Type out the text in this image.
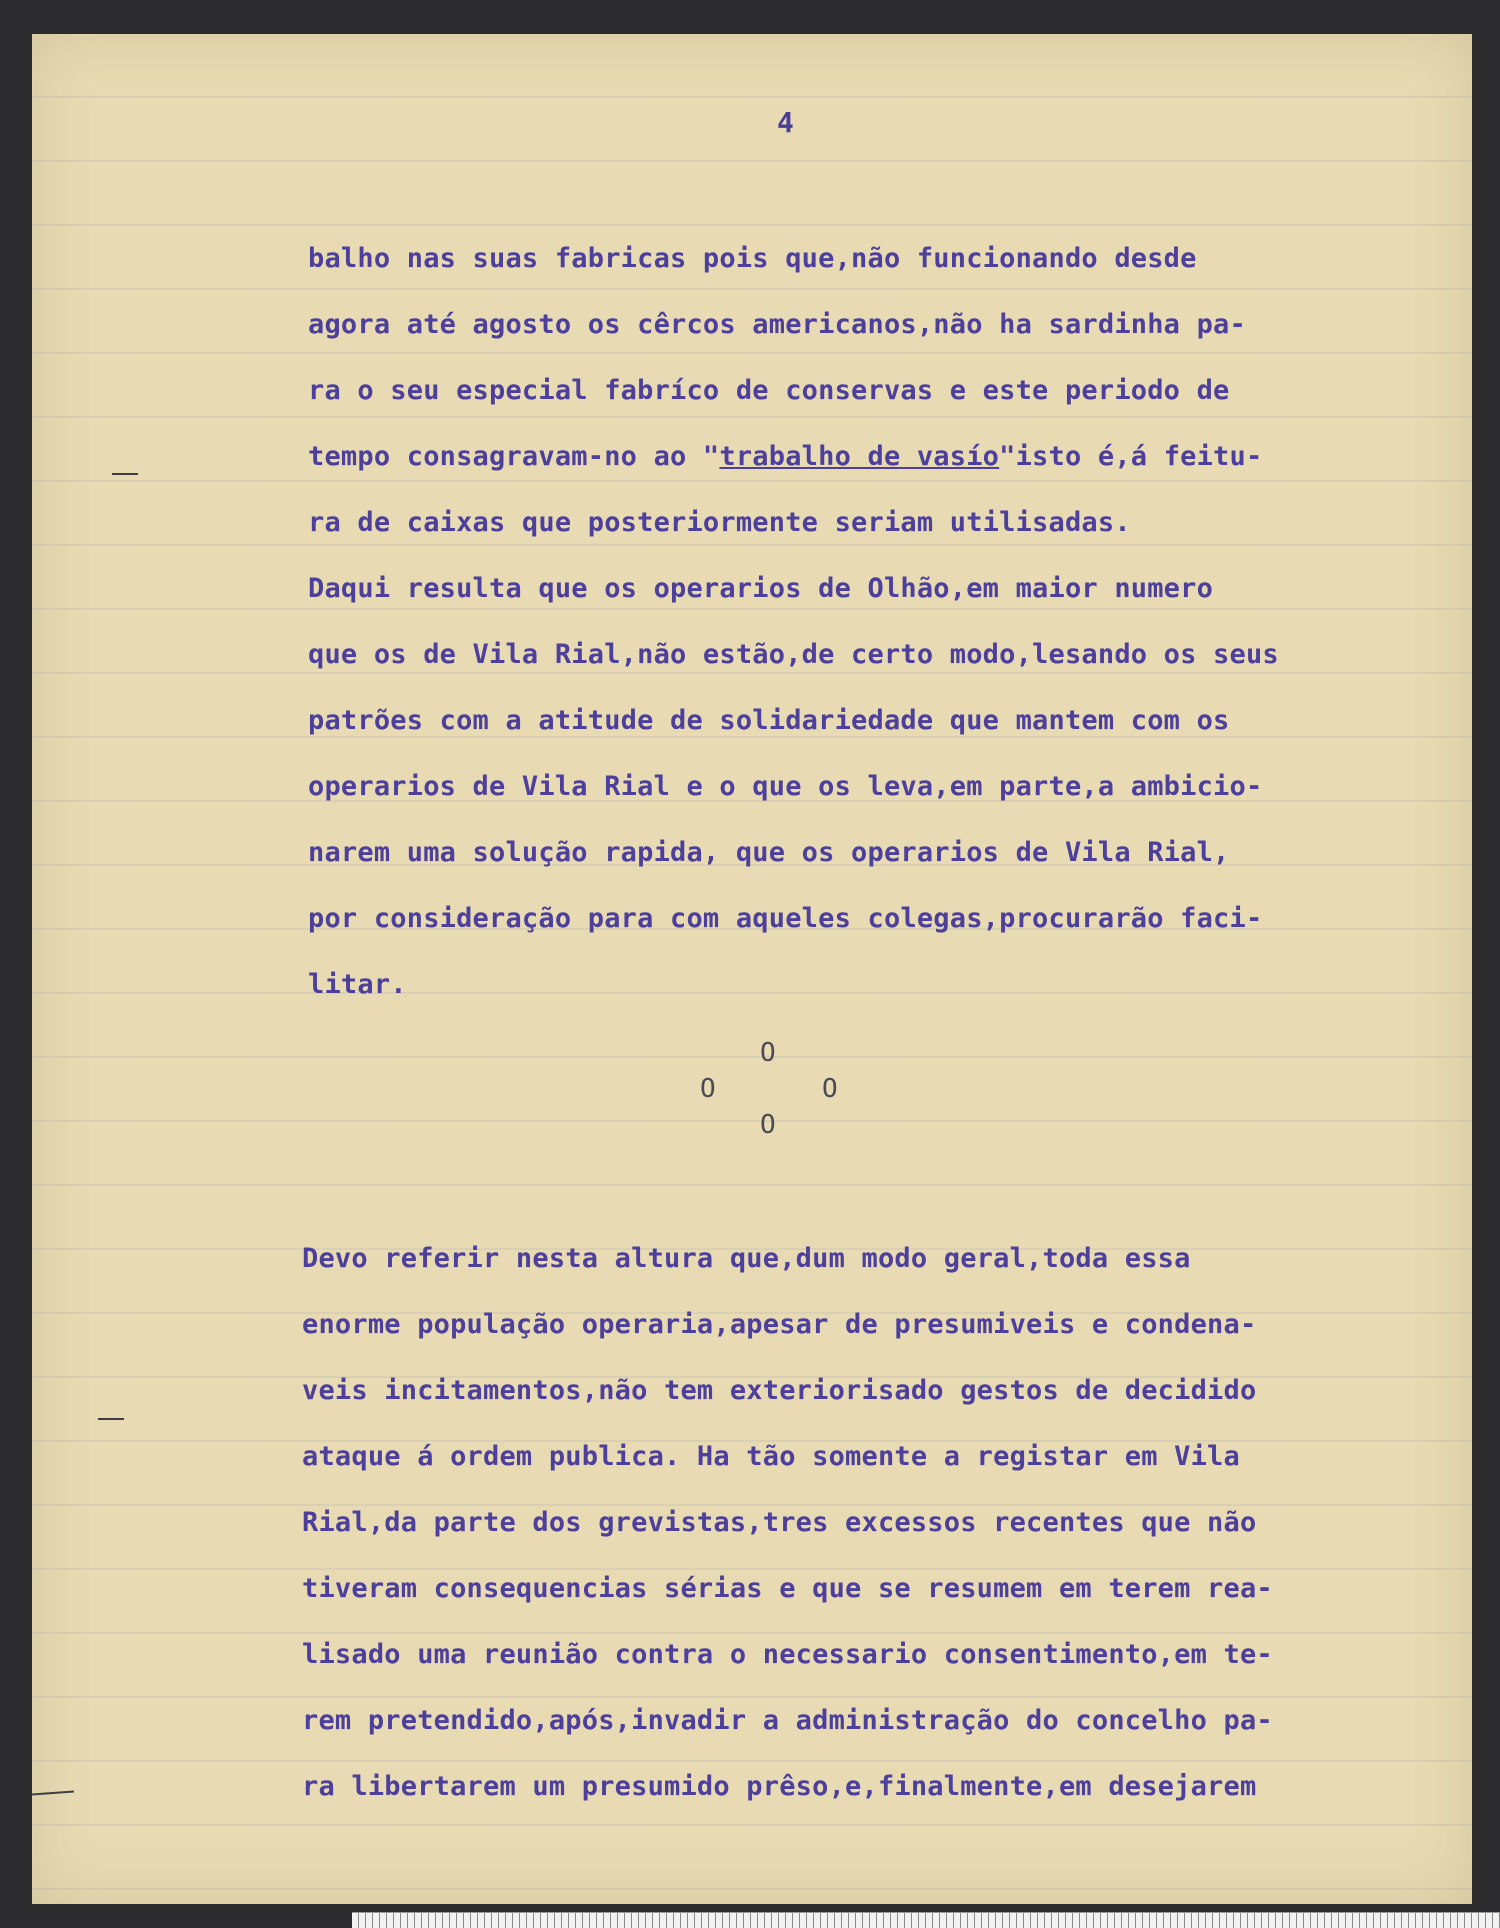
4
balho nas suas fabricas pois que,não funcionando desde
agora até agosto os cêrcos americanos,não ha sardinha pa-
ra o seu especial fabríco de conservas e este periodo de
tempo consagravam-no ao "trabalho de vasío"isto é,á feitu-
ra de caixas que posteriormente seriam utilisadas.
Daqui resulta que os operarios de Olhão,em maior numero
que os de Vila Rial,não estão,de certo modo,lesando os seus
patrões com a atitude de solidariedade que mantem com os
operarios de Vila Rial e o que os leva,em parte,a ambicio-
narem uma solução rapida, que os operarios de Vila Rial,
por consideração para com aqueles colegas,procurarão faci-
litar.
O
O	O
O
Devo referir nesta altura que,dum modo geral,toda essa
enorme população operaria,apesar de presumiveis e condena-
veis incitamentos,não tem exteriorisado gestos de decidido
ataque á ordem publica. Ha tão somente a registar em Vila
Rial,da parte dos grevistas,tres excessos recentes que não
tiveram consequencias sérias e que se resumem em terem rea-
lisado uma reunião contra o necessario consentimento,em te-
rem pretendido,após,invadir a administração do concelho pa-
ra libertarem um presumido prêso,e,finalmente,em desejarem
